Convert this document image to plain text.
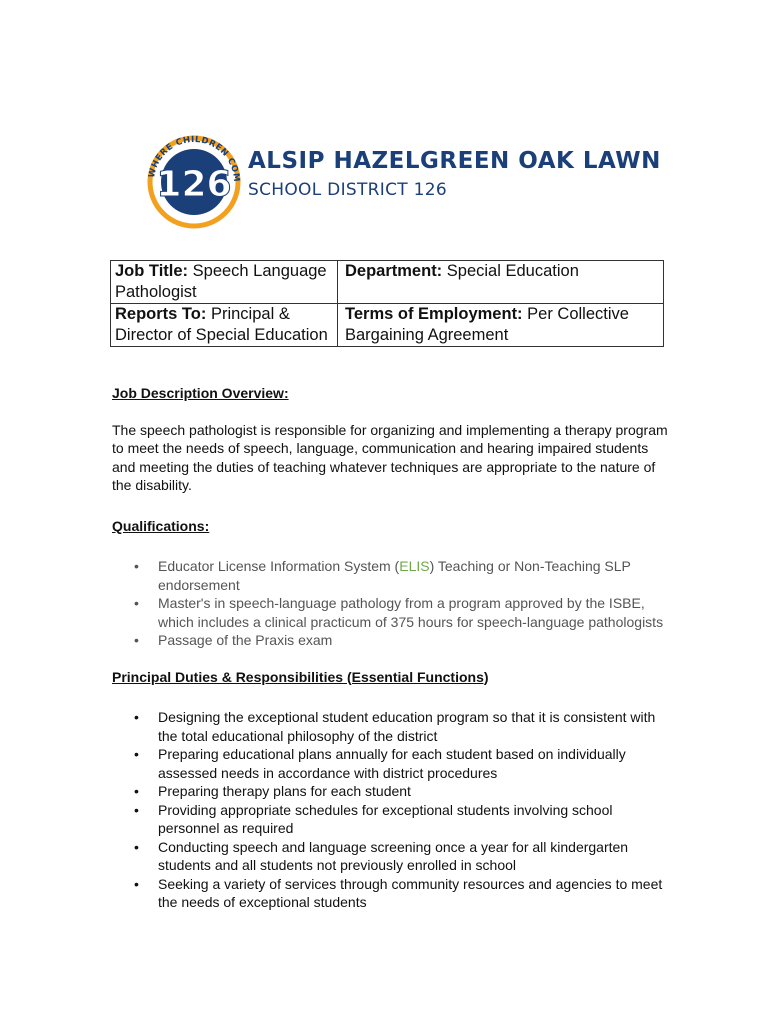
WHERE CHILDREN COM
126
ALSIP HAZELGREEN OAK LAWN
SCHOOL DISTRICT 126
Job Title: Speech Language Pathologist	Department: Special Education
Reports To: Principal & Director of Special Education	Terms of Employment: Per Collective Bargaining Agreement

Job Description Overview:

The speech pathologist is responsible for organizing and implementing a therapy program to meet the needs of speech, language, communication and hearing impaired students and meeting the duties of teaching whatever techniques are appropriate to the nature of the disability.

Qualifications:

• Educator License Information System (ELIS) Teaching or Non-Teaching SLP endorsement
• Master's in speech-language pathology from a program approved by the ISBE, which includes a clinical practicum of 375 hours for speech-language pathologists
• Passage of the Praxis exam

Principal Duties & Responsibilities (Essential Functions)

• Designing the exceptional student education program so that it is consistent with the total educational philosophy of the district
• Preparing educational plans annually for each student based on individually assessed needs in accordance with district procedures
• Preparing therapy plans for each student
• Providing appropriate schedules for exceptional students involving school personnel as required
• Conducting speech and language screening once a year for all kindergarten students and all students not previously enrolled in school
• Seeking a variety of services through community resources and agencies to meet the needs of exceptional students
